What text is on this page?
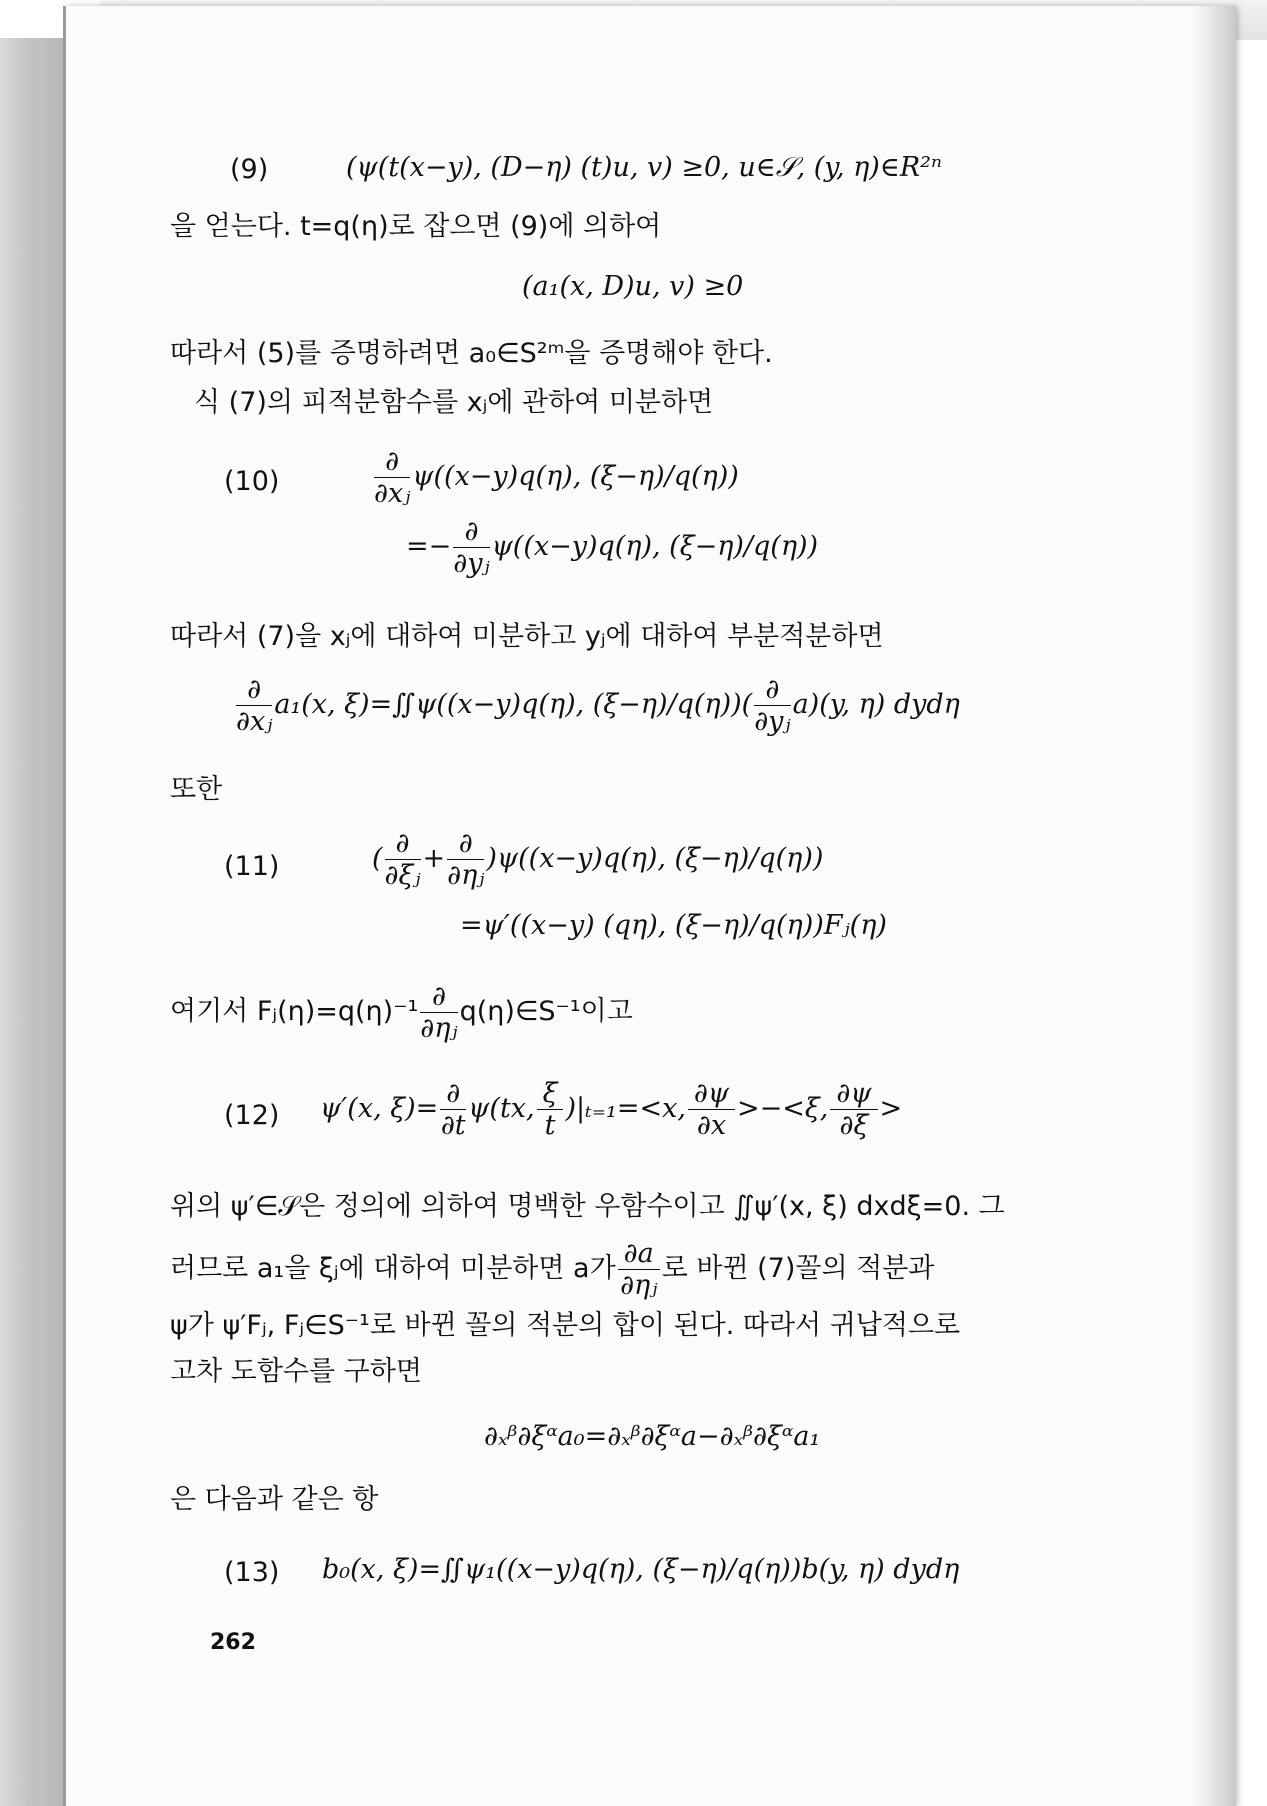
(9)	(ψ(t(x−y), (D−η) (t)u, v) ≥0, u∈𝒮, (y, η)∈R²ⁿ
을 얻는다. t=q(η)로 잡으면 (9)에 의하여
(a₁(x, D)u, v) ≥0
따라서 (5)를 증명하려면 a₀∈S²ᵐ을 증명해야 한다.
식 (7)의 피적분함수를 xⱼ에 관하여 미분하면
(10)	$\frac{\partial}{\text{∂xⱼ}} \psi((x-y)q(\eta)$, (ξ−η)/q(η))
=− $\frac{\partial}{\text{∂yⱼ}} \psi((x-y)q(\eta)$, (ξ−η)/q(η))
따라서 (7)을 xⱼ에 대하여 미분하고 yⱼ에 대하여 부분적분하면
$\frac{\partial}{\text{∂xⱼ}} a_1(x$, ξ)=∬ψ((x−y)q(η), $(\xi-\eta)/q(\eta))( \frac{\partial}{\text{∂yⱼ}} a)(y$, η) dydη
또한
(11)	( $\frac{\partial}{\text{∂ξⱼ}} + \frac{\partial}{\text{∂ηⱼ}} )\psi((x-y)q(\eta)$, (ξ−η)/q(η))
=ψ′((x−y) (qη), (ξ−η)/q(η))Fⱼ(η)
여기서 Fⱼ(η)=q(η)⁻¹ $\frac{\partial}{\text{∂ηⱼ}}$ q(η)∈S⁻¹이고
(12) ψ′(x, $\xi)= \frac{\partial}{\partial t} \psi(tx$, $\frac{\xi}{t} )|_{t=1}=<x$, $\frac{\partial\psi}{\partial x} >-<\xi$, $\frac{\partial\psi}{\partial\xi}$ >
위의 ψ′∈𝒮은 정의에 의하여 명백한 우함수이고 ∬ψ′(x, ξ) dxdξ=0. 그
러므로 a₁을 ξⱼ에 대하여 미분하면 a가 $\frac{\partial a}{\text{∂ηⱼ}}$ 로 바뀐 (7)꼴의 적분과
ψ가 ψ′Fⱼ, Fⱼ∈S⁻¹로 바뀐 꼴의 적분의 합이 된다. 따라서 귀납적으로
고차 도함수를 구하면
∂ₓᵝ∂ξᵅa₀=∂ₓᵝ∂ξᵅa−∂ₓᵝ∂ξᵅa₁
은 다음과 같은 항
(13) b₀(x, ξ)=∬ψ₁((x−y)q(η), (ξ−η)/q(η))b(y, η) dydη
262
